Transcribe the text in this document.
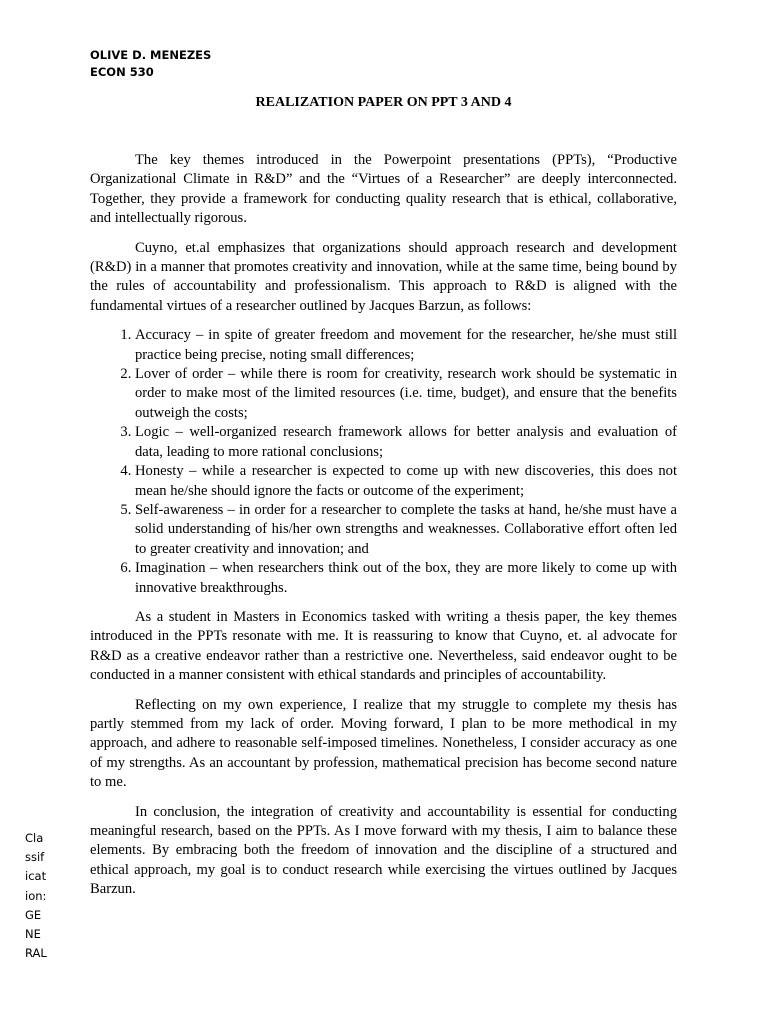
OLIVE D. MENEZES
ECON 530
REALIZATION PAPER ON PPT 3 AND 4

The key themes introduced in the Powerpoint presentations (PPTs), “Productive Organizational Climate in R&D” and the “Virtues of a Researcher” are deeply interconnected. Together, they provide a framework for conducting quality research that is ethical, collaborative, and intellectually rigorous.

Cuyno, et.al emphasizes that organizations should approach research and development (R&D) in a manner that promotes creativity and innovation, while at the same time, being bound by the rules of accountability and professionalism. This approach to R&D is aligned with the fundamental virtues of a researcher outlined by Jacques Barzun, as follows:

1. Accuracy – in spite of greater freedom and movement for the researcher, he/she must still practice being precise, noting small differences;
2. Lover of order – while there is room for creativity, research work should be systematic in order to make most of the limited resources (i.e. time, budget), and ensure that the benefits outweigh the costs;
3. Logic – well-organized research framework allows for better analysis and evaluation of data, leading to more rational conclusions;
4. Honesty – while a researcher is expected to come up with new discoveries, this does not mean he/she should ignore the facts or outcome of the experiment;
5. Self-awareness – in order for a researcher to complete the tasks at hand, he/she must have a solid understanding of his/her own strengths and weaknesses. Collaborative effort often led to greater creativity and innovation; and
6. Imagination – when researchers think out of the box, they are more likely to come up with innovative breakthroughs.

As a student in Masters in Economics tasked with writing a thesis paper, the key themes introduced in the PPTs resonate with me. It is reassuring to know that Cuyno, et. al advocate for R&D as a creative endeavor rather than a restrictive one. Nevertheless, said endeavor ought to be conducted in a manner consistent with ethical standards and principles of accountability.

Reflecting on my own experience, I realize that my struggle to complete my thesis has partly stemmed from my lack of order. Moving forward, I plan to be more methodical in my approach, and adhere to reasonable self-imposed timelines. Nonetheless, I consider accuracy as one of my strengths. As an accountant by profession, mathematical precision has become second nature to me.

In conclusion, the integration of creativity and accountability is essential for conducting meaningful research, based on the PPTs. As I move forward with my thesis, I aim to balance these elements. By embracing both the freedom of innovation and the discipline of a structured and ethical approach, my goal is to conduct research while exercising the virtues outlined by Jacques Barzun.

Classification: GENERAL
